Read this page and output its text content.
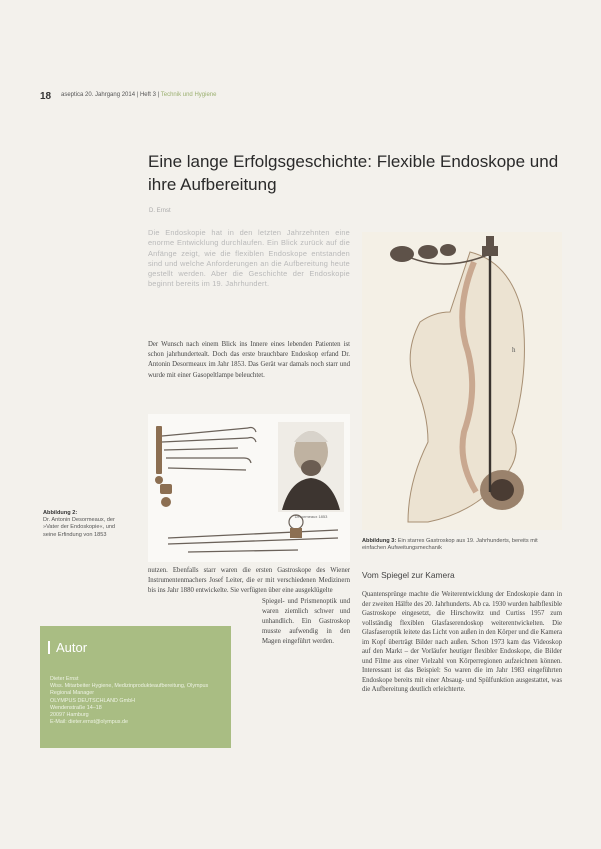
18 aseptica 20. Jahrgang 2014 | Heft 3 | Technik und Hygiene
Eine lange Erfolgsgeschichte: Flexible Endoskope und ihre Aufbereitung
D. Ernst
Die Endoskopie hat in den letzten Jahrzehnten eine enorme Entwicklung durchlaufen. Ein Blick zurück auf die Anfänge zeigt, wie die flexiblen Endoskope entstanden sind und welche Anforderungen an die Aufbereitung heute gestellt werden. Aber die Geschichte der Endoskopie beginnt bereits im 19. Jahrhundert.
Der Wunsch nach einem Blick ins Innere eines lebenden Patienten ist schon jahrhundertealt. Doch das erste brauchbare Endoskop erfand Dr. Antonin Desormeaux im Jahr 1853. Das Gerät war damals noch starr und wurde mit einer Gasopeltlampe beleuchtet.
Desormeaux 1853
Abbildung 2:
Dr. Antonin Desormeaux, der »Vater der Endoskopie«, und seine Erfindung von 1853
nutzen. Ebenfalls starr waren die ersten Gastroskope des Wiener Instrumentenmachers Josef Leiter, die er mit verschiedenen Medizinern bis ins Jahr 1880 entwickelte. Sie verfügten über eine ausgeklügelte
Spiegel- und Prismenoptik und waren ziemlich schwer und unhandlich. Ein Gastroskop musste aufwendig in den Magen eingeführt werden.
h
Abbildung 3: Ein starres Gastroskop aus 19. Jahrhunderts, bereits mit einfachen Aufweitungsmechanik
Vom Spiegel zur Kamera
Quantensprünge machte die Weiterentwicklung der Endoskopie dann in der zweiten Hälfte des 20. Jahrhunderts. Ab ca. 1930 wurden halbflexible Gastroskope eingesetzt, die Hirschowitz und Curtiss 1957 zum vollständig flexiblen Glasfaserendoskop weiterentwickelten. Die Glasfaseroptik leitete das Licht von außen in den Körper und die Kamera im Kopf überträgt Bilder nach außen. Schon 1973 kam das Videoskop auf den Markt – der Vorläufer heutiger flexibler Endoskope, die Bilder und Filme aus einer Vielzahl von Körperregionen aufzeichnen können. Interessant ist das Beispiel: So waren die im Jahr 1983 eingeführten Endoskope bereits mit einer Absaug- und Spülfunktion ausgestattet, was die Aufbereitung deutlich erleichterte.
Autor
Dieter Ernst
Wiss. Mitarbeiter Hygiene, Medizinprodukteaufbereitung, Olympus
Regional Manager
OLYMPUS DEUTSCHLAND GmbH
Wendenstraße 14–18
20097 Hamburg
E-Mail: dieter.ernst@olympus.de
